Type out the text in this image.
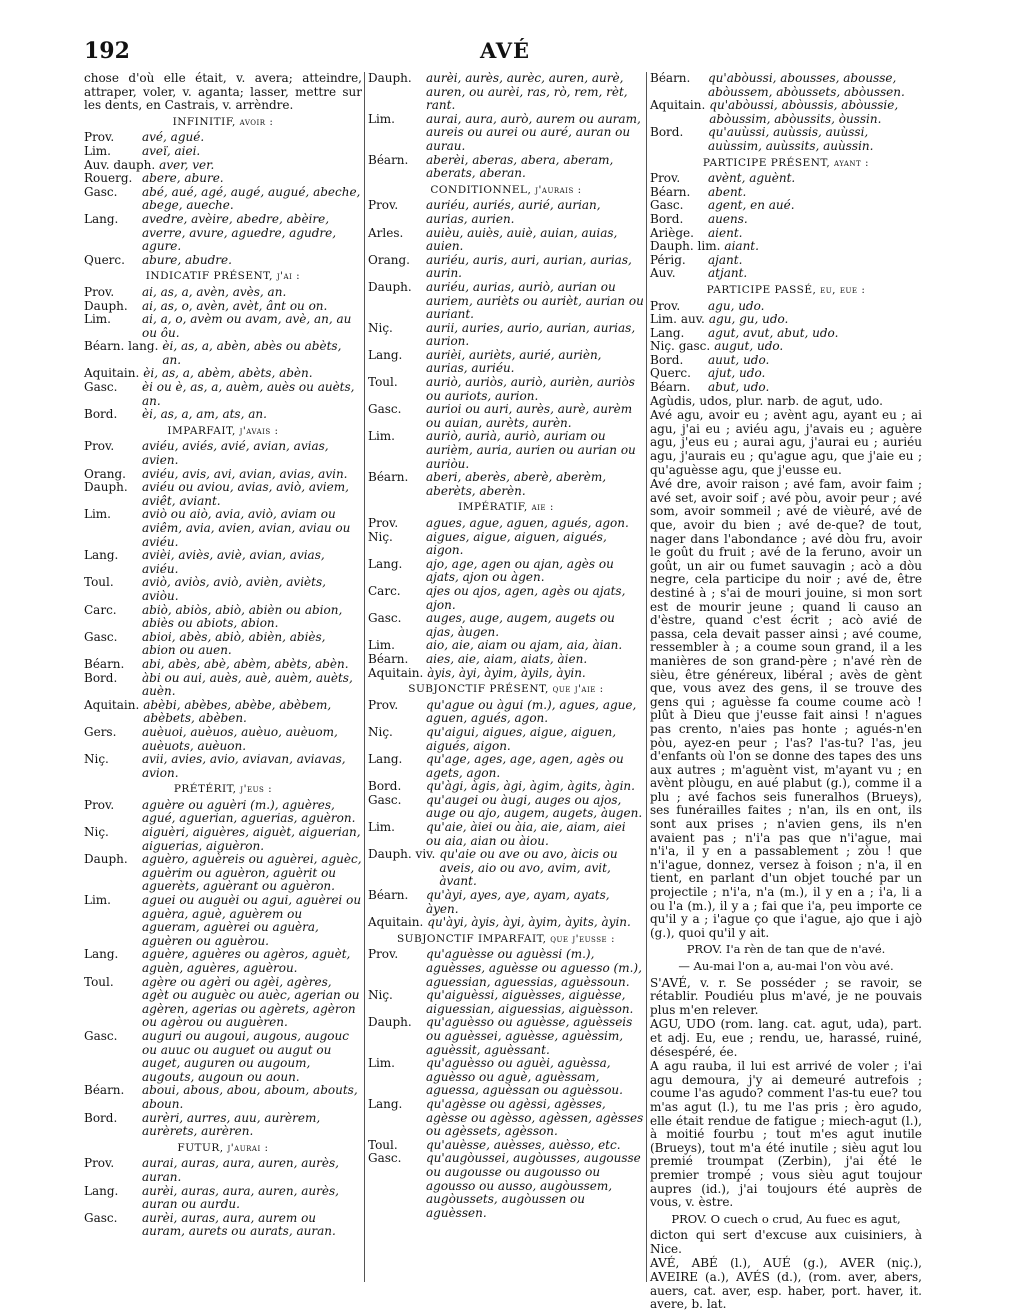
192	AVÉ
chose d'où elle était, v. avera; atteindre, attraper, voler, v. aganta; lasser, mettre sur les dents, en Castrais, v. arrèndre.
INFINITIF, avoir :
Prov.	avé, agué.
Lim.	aveï, aiei.
Auv. dauph. aver, ver.
Rouerg. abere, abure.
Gasc.	abé, aué, agé, augé, augué, abeche, abege, aueche.
Lang.	avedre, avèire, abedre, abèire, averre, avure, aguedre, agudre, agure.
Querc.	abure, abudre.
INDICATIF PRÉSENT, j'ai :
Prov.	ai, as, a, avèn, avès, an.
Dauph.	ai, as, o, avèn, avèt, ânt ou on.
Lim.	ai, a, o, avèm ou avam, avè, an, au ou ôu.
Béarn. lang. èi, as, a, abèn, abès ou abèts, an.
Aquitain. èi, as, a, abèm, abèts, abèn.
Gasc.	èi ou è, as, a, auèm, auès ou auèts, an.
Bord.	èi, as, a, am, ats, an.
IMPARFAIT, j'avais :
Prov.	aviéu, aviés, avié, avian, avias, avien.
Orang.	aviéu, avis, avi, avian, avias, avin.
Dauph.	aviéu ou aviou, avias, aviò, aviem, aviêt, aviant.
Lim.	aviò ou aiò, avia, aviò, aviam ou aviêm, avia, avien, avian, aviau ou aviéu.
Lang.	avièi, aviès, aviè, avian, avias, aviéu.
Toul.	aviò, aviòs, aviò, avièn, avièts, aviòu.
Carc.	abiò, abiòs, abiò, abièn ou abion, abiès ou abiots, abion.
Gasc.	abioi, abès, abiò, abièn, abiès, abion ou auen.
Béarn.	abi, abès, abè, abèm, abèts, abèn.
Bord.	àbi ou aui, auès, auè, auèm, auèts, auèn.
Aquitain. abèbi, abèbes, abèbe, abèbem, abèbets, abèben.
Gers.	auèuoi, auèuos, auèuo, auèuom, auèuots, auèuon.
Niç.	avii, avies, avio, aviavan, aviavas, avion.
PRÉTÉRIT, j'eus :
Prov.	aguère ou aguèri (m.), aguères, agué, aguerian, aguerias, aguèron.
Niç.	aiguèri, aiguères, aiguèt, aiguerian, aiguerias, aiguèron.
Dauph.	aguèro, aguèreis ou aguèrei, aguèc, aguèrim ou aguèron, aguèrit ou aguerèts, aguèrant ou aguèron.
Lim.	aguei ou auguèi ou agui, aguèrei ou aguèra, aguè, aguèrem ou agueram, aguèrei ou aguèra, aguèren ou aguèrou.
Lang.	aguère, aguères ou agèros, aguèt, aguèn, aguères, aguèrou.
Toul.	agère ou agèri ou agèi, agères, agèt ou auguèc ou auèc, agerian ou agèren, agerias ou agèrets, agèron ou agèrou ou auguèren.
Gasc.	auguri ou augoui, augous, augouc ou auuc ou auguet ou augut ou auget, auguren ou augoum, augouts, augoun ou aoun.
Béarn.	aboui, abous, abou, aboum, abouts, aboun.
Bord.	aurèri, aurres, auu, aurèrem, aurèrets, aurèren.
FUTUR, j'aurai :
Prov.	aurai, auras, aura, auren, aurès, auran.
Lang.	aurèi, auras, aura, auren, aurès, auran ou aurdu.
Gasc.	aurèi, auras, aura, aurem ou auram, aurets ou aurats, auran.
Dauph.	aurèi, aurès, aurèc, auren, aurè, auren, ou aurèi, ras, rò, rem, rèt, rant.
Lim.	aurai, aura, aurò, aurem ou auram, aureis ou aurei ou auré, auran ou aurau.
Béarn.	aberèi, aberas, abera, aberam, aberats, aberan.
CONDITIONNEL, j'aurais :
Prov.	auriéu, auriés, aurié, aurian, aurias, aurien.
Arles.	auièu, auiès, auiè, auian, auias, auien.
Orang.	auriéu, auris, auri, aurian, aurias, aurin.
Dauph.	auriéu, aurias, auriò, aurian ou auriem, aurièts ou aurièt, aurian ou auriant.
Niç.	aurii, auries, aurio, aurian, aurias, aurion.
Lang.	aurièi, aurièts, aurié, aurièn, aurias, auriéu.
Toul.	auriò, auriòs, auriò, aurièn, auriòs ou auriots, aurion.
Gasc.	aurioi ou auri, aurès, aurè, aurèm ou auian, aurèts, aurèn.
Lim.	auriò, aurià, auriò, auriam ou aurièm, auria, aurien ou aurian ou auriòu.
Béarn.	aberi, aberès, aberè, aberèm, aberèts, aberèn.
IMPÉRATIF, aie :
Prov.	agues, ague, aguen, agués, agon.
Niç.	aigues, aigue, aiguen, aigués, aigon.
Lang.	ajo, age, agen ou ajan, agès ou ajats, ajon ou àgen.
Carc.	ajes ou ajos, agen, agès ou ajats, ajon.
Gasc.	auges, auge, augem, augets ou ajas, àugen.
Lim.	aio, aie, aiam ou ajam, aia, àian.
Béarn.	aies, aie, aiam, aiats, àien.
Aquitain. àyis, àyi, àyim, àyils, àyin.
SUBJONCTIF PRÉSENT, que j'aie :
Prov.	qu'ague ou àgui (m.), agues, ague, aguen, agués, agon.
Niç.	qu'aigui, aigues, aigue, aiguen, aigués, aigon.
Lang.	qu'age, ages, age, agen, agès ou agets, agon.
Bord.	qu'àgi, àgis, àgi, àgim, àgits, àgin.
Gasc.	qu'augei ou àugi, auges ou ajos, auge ou ajo, augem, augets, àugen.
Lim.	qu'aie, àiei ou àia, aie, aiam, aiei ou aia, aian ou àiou.
Dauph. viv. qu'aie ou ave ou avo, àicis ou aveis, aio ou avo, avim, avit, àvant.
Béarn.	qu'àyi, ayes, aye, ayam, ayats, àyen.
Aquitain. qu'àyi, àyis, àyi, àyim, àyits, àyin.
SUBJONCTIF IMPARFAIT, que j'eusse :
Prov.	qu'aguèsse ou aguèssi (m.), aguèsses, aguèsse ou aguesso (m.), aguessian, aguessias, aguèssoun.
Niç.	qu'aiguèssi, aiguèsses, aiguèsse, aiguessian, aiguessias, aiguèsson.
Dauph.	qu'aguèsso ou aguèsse, aguèsseis ou aguèssei, aguèsse, aguèssim, aguèssit, aguèssant.
Lim.	qu'aguèsso ou aguèi, aguèssa, aguèsso ou aguè, aguèssam, aguessa, aguèssan ou aguèssou.
Lang.	qu'agèsse ou agèssi, agèsses, agèsse ou agèsso, agèssen, agèsses ou agèssets, agèsson.
Toul.	qu'auèsse, auèsses, auèsso, etc.
Gasc.	qu'augòussei, augòusses, augousse ou augousse ou augousso ou agousso ou ausso, augòussem, augòussets, augòussen ou aguèssen.
Béarn.	qu'abòussi, abousses, abousse, abòussem, abòussets, abòussen.
Aquitain. qu'abòussi, abòussis, abòussie, abòussim, abòussits, òussin.
Bord.	qu'auùssi, auùssis, auùssi, auùssim, auùssits, auùssin.
PARTICIPE PRÉSENT, ayant :
Prov.	avènt, aguènt.
Béarn.	abent.
Gasc.	agent, en aué.
Bord.	auens.
Ariège.	aient.
Dauph. lim. aiant.
Périg.	ajant.
Auv.	atjant.
PARTICIPE PASSÉ, eu, eue :
Prov.	agu, udo.
Lim. auv. agu, gu, udo.
Lang.	agut, avut, abut, udo.
Niç. gasc. augut, udo.
Bord.	auut, udo.
Querc.	ajut, udo.
Béarn.	abut, udo.
Agùdis, udos, plur. narb. de agut, udo.
Avé agu, avoir eu ; avènt agu, ayant eu ; ai agu, j'ai eu ; aviéu agu, j'avais eu ; aguère agu, j'eus eu ; aurai agu, j'aurai eu ; auriéu agu, j'aurais eu ; qu'ague agu, que j'aie eu ; qu'aguèsse agu, que j'eusse eu.
Avé dre, avoir raison ; avé fam, avoir faim ; avé set, avoir soif ; avé pòu, avoir peur ; avé som, avoir sommeil ; avé de vièuré, avé de que, avoir du bien ; avé de-que? de tout, nager dans l'abondance ; avé dòu fru, avoir le goût du fruit ; avé de la feruno, avoir un goût, un air ou fumet sauvagin ; acò a dòu negre, cela participe du noir ; avé de, être destiné à ; s'ai de mouri jouine, si mon sort est de mourir jeune ; quand li causo an d'èstre, quand c'est écrit ; acò avié de passa, cela devait passer ainsi ; avé coume, ressembler à ; a coume soun grand, il a les manières de son grand-père ; n'avé rèn de sièu, être généreux, libéral ; avès de gènt que, vous avez des gens, il se trouve des gens qui ; aguèsse fa coume coume acò ! plût à Dieu que j'eusse fait ainsi ! n'agues pas crento, n'aies pas honte ; agués-n'en pòu, ayez-en peur ; l'as? l'as-tu? l'as, jeu d'enfants où l'on se donne des tapes des uns aux autres ; m'aguènt vist, m'ayant vu ; en avènt plòugu, en aué plabut (g.), comme il a plu ; avé fachos seis funeralhos (Brueys), ses funérailles faites ; n'an, ils en ont, ils sont aux prises ; n'avien gens, ils n'en avaient pas ; n'i'a pas que n'i'ague, mai n'i'a, il y en a passablement ; zòu ! que n'i'ague, donnez, versez à foison ; n'a, il en tient, en parlant d'un objet touché par un projectile ; n'i'a, n'a (m.), il y en a ; i'a, li a ou l'a (m.), il y a ; fai que i'a, peu importe ce qu'il y a ; i'ague ço que i'ague, ajo que i ajò (g.), quoi qu'il y ait.
PROV. I'a rèn de tan que de n'avé.
— Au-mai l'on a, au-mai l'on vòu avé.
S'AVÉ, v. r. Se posséder ; se ravoir, se rétablir. Poudiéu plus m'avé, je ne pouvais plus m'en relever.
AGU, UDO (rom. lang. cat. agut, uda), part. et adj. Eu, eue ; rendu, ue, harassé, ruiné, désespéré, ée.
A agu rauba, il lui est arrivé de voler ; i'ai agu demoura, j'y ai demeuré autrefois ; coume l'as agudo? comment l'as-tu eue? tou m'as agut (l.), tu me l'as pris ; èro agudo, elle était rendue de fatigue ; miech-agut (l.), à moitié fourbu ; tout m'es agut inutile (Brueys), tout m'a été inutile ; sièu agut lou premié troumpat (Zerbin), j'ai été le premier trompé ; vous sièu agut toujour aupres (id.), j'ai toujours été auprès de vous, v. èstre.
PROV. O cuech o crud, Au fuec es agut,
dicton qui sert d'excuse aux cuisiniers, à Nice.
AVÉ, ABÉ (l.), AUÉ (g.), AVER (niç.), AVEIRE (a.), AVÉS (d.), (rom. aver, abers, auers, cat. aver, esp. haber, port. haver, it. avere, b. lat.
